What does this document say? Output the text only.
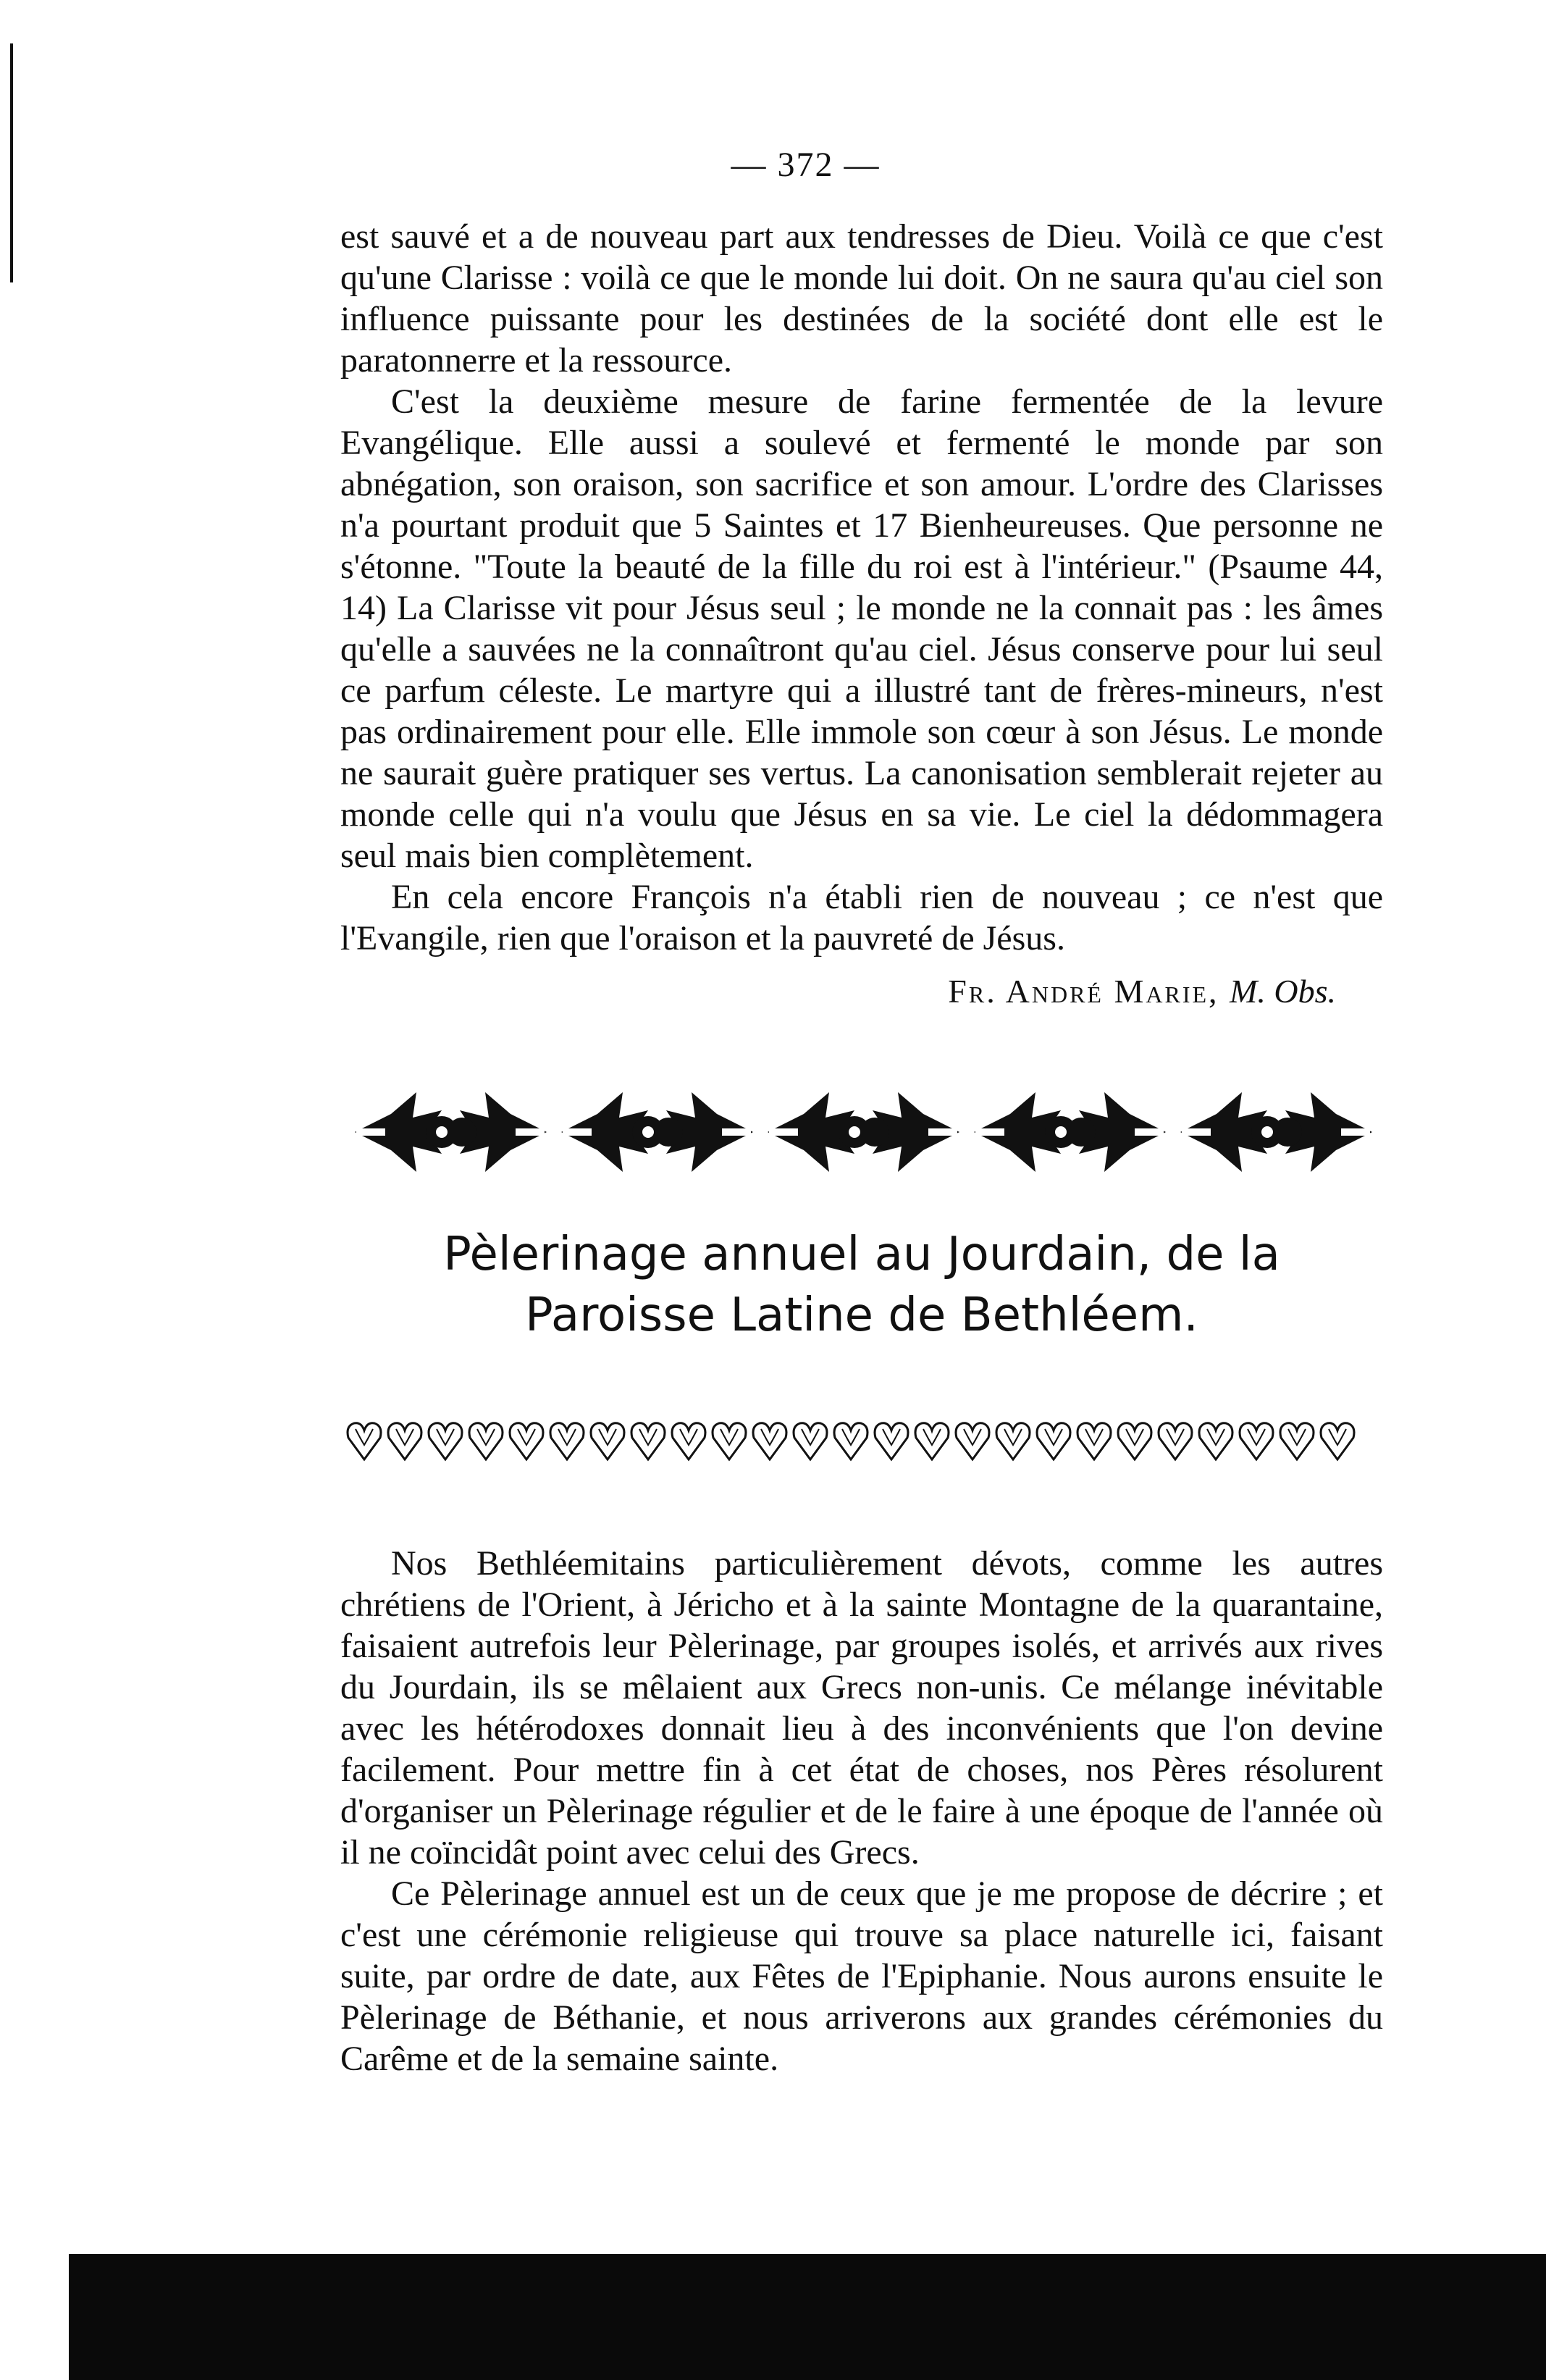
— 372 —

est sauvé et a de nouveau part aux tendresses de Dieu. Voilà ce que c'est qu'une Clarisse : voilà ce que le monde lui doit. On ne saura qu'au ciel son influence puissante pour les destinées de la société dont elle est le paratonnerre et la ressource.

C'est la deuxième mesure de farine fermentée de la levure Evangélique. Elle aussi a soulevé et fermenté le monde par son abnégation, son oraison, son sacrifice et son amour. L'ordre des Clarisses n'a pourtant produit que 5 Saintes et 17 Bienheureuses. Que personne ne s'étonne. "Toute la beauté de la fille du roi est à l'intérieur." (Psaume 44, 14) La Clarisse vit pour Jésus seul ; le monde ne la connait pas : les âmes qu'elle a sauvées ne la connaîtront qu'au ciel. Jésus conserve pour lui seul ce parfum céleste. Le martyre qui a illustré tant de frères-mineurs, n'est pas ordinairement pour elle. Elle immole son cœur à son Jésus. Le monde ne saurait guère pratiquer ses vertus. La canonisation semblerait rejeter au monde celle qui n'a voulu que Jésus en sa vie. Le ciel la dédommagera seul mais bien complètement.

En cela encore François n'a établi rien de nouveau ; ce n'est que l'Evangile, rien que l'oraison et la pauvreté de Jésus.

Fr. André Marie, M. Obs.
Pèlerinage annuel au Jourdain, de la
Paroisse Latine de Bethléem.

Nos Bethléemitains particulièrement dévots, comme les autres chrétiens de l'Orient, à Jéricho et à la sainte Montagne de la quarantaine, faisaient autrefois leur Pèlerinage, par groupes isolés, et arrivés aux rives du Jourdain, ils se mêlaient aux Grecs non-unis. Ce mélange inévitable avec les hétérodoxes donnait lieu à des inconvénients que l'on devine facilement. Pour mettre fin à cet état de choses, nos Pères résolurent d'organiser un Pèlerinage régulier et de le faire à une époque de l'année où il ne coïncidât point avec celui des Grecs.

Ce Pèlerinage annuel est un de ceux que je me propose de décrire ; et c'est une cérémonie religieuse qui trouve sa place naturelle ici, faisant suite, par ordre de date, aux Fêtes de l'Epiphanie. Nous aurons ensuite le Pèlerinage de Béthanie, et nous arriverons aux grandes cérémonies du Carême et de la semaine sainte.
